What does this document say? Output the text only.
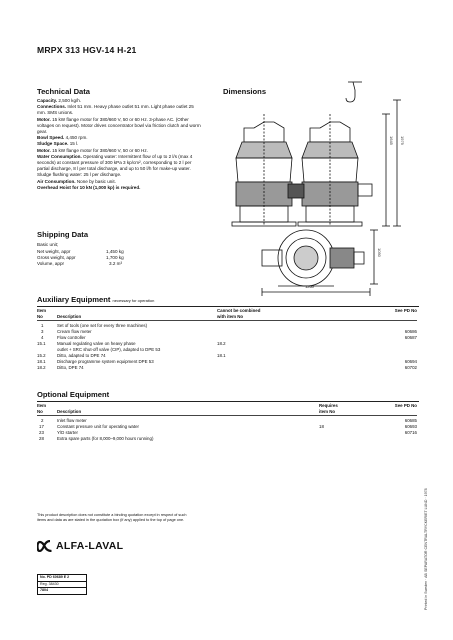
MRPX 313 HGV-14 H-21
Technical Data
Capacity. 2,500 kg/h.
Connections. Inlet 51 mm. Heavy phase outlet 51 mm. Light phase outlet 25 mm. SMS unions.
Motor. 15 kW flange motor for 380/660 V, 50 or 60 Hz. 3-phase AC. (Other voltages on request). Motor drives concentrator bowl via friction clutch and worm gear.
Bowl Speed. 4,450 rpm.
Sludge Space. 15 l.
Motor. 15 kW flange motor for 380/660 V, 50 or 60 Hz.
Water Consumption. Operating water: Intermittent flow of up to 2 l/s (max 4 seconds) at constant pressure of 300 kPa 3 kp/cm², corresponding to 2 l per partial discharge, 8 l per total discharge, and up to 50 l/h for make-up water. Sludge flushing water: 25 l per discharge.
Air Consumption. None by basic unit.
Overhead Hoist for 10 kN (1,000 kp) is required.
Dimensions
1645 1979
1050
1260
Shipping Data
Basic unit;
Net weight, appr	1,450 kg
Gross weight, appr	1,700 kg
Volume, appr	3.2 m³
Auxiliary Equipment necessary for operation
Item		Cannot be combined	See PD No
No	Description	with item No	

1	Set of tools (one set for every three machines)		
3	Cream flow meter		60686
4	Flow controller		60687
15.1	Manual regulating valve on heavy phase	18.2	
	outlet + SRC shut-off valve (CIP), adapted to DPE 53		
15.2	Ditto, adapted to DPE 74	18.1	
18.1	Discharge programme system equipment DPE 53		60694
18.2	Ditto, DPE 74		60702
Optional Equipment
Item		Requires	See PD No
No	Description	item No	

2	Inlet flow meter		60685
17	Constant pressure unit for operating water	18	60693
23	Y/D starter		60716
28	Extra spare parts (for 8,000–9,000 hours running)		
This product description does not constitute a binding quotation except in respect of such items and data as are stated in the quotation box (if any) applied to the top of page one.
ALFA-LAVAL
No. PD 60689 E 2
Reg. 38430
7804	Printed in Sweden · AB SEPARATOR CENTRALTRYCKERIET LUND · 1978
